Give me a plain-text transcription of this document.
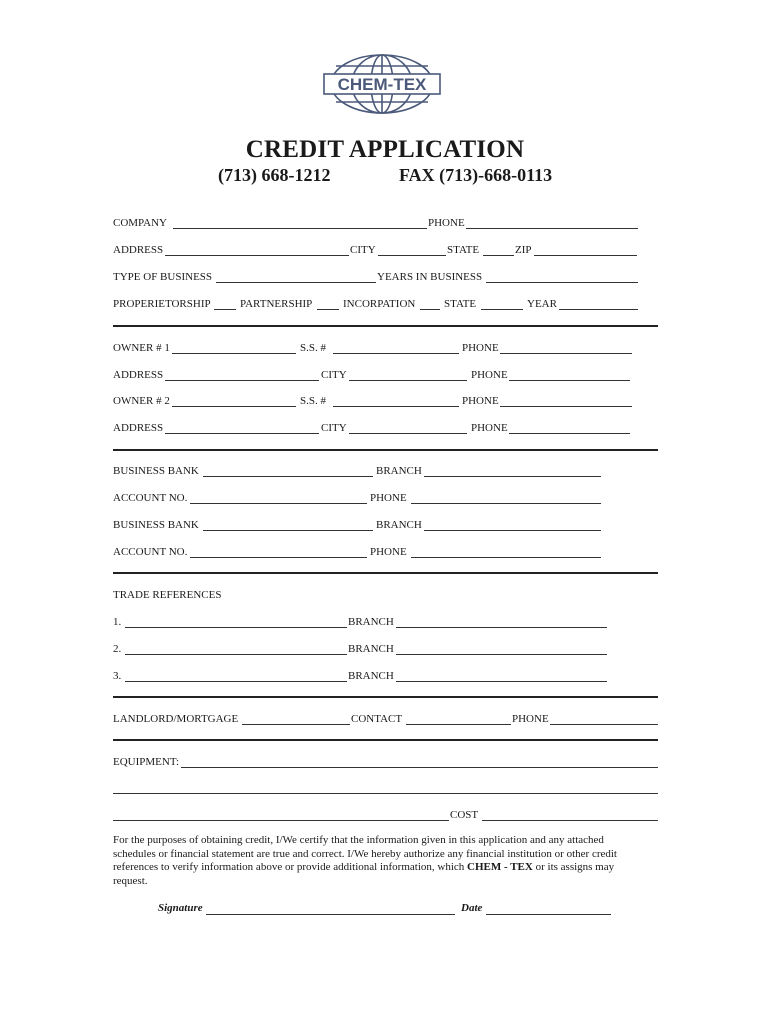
CHEM-TEX
CREDIT APPLICATION
(713) 668-1212	FAX (713)-668-0113
COMPANY	PHONE
ADDRESS	CITY	STATE	ZIP
TYPE OF BUSINESS	YEARS IN BUSINESS
PROPERIETORSHIP	PARTNERSHIP	INCORPATION	STATE	YEAR
OWNER # 1	S.S. #	PHONE
ADDRESS	CITY	PHONE
OWNER # 2	S.S. #	PHONE
ADDRESS	CITY	PHONE
BUSINESS BANK	BRANCH
ACCOUNT NO.	PHONE
BUSINESS BANK	BRANCH
ACCOUNT NO.	PHONE
TRADE REFERENCES
1.	BRANCH
2.	BRANCH
3.	BRANCH
LANDLORD/MORTGAGE	CONTACT	PHONE
EQUIPMENT:
COST

For the purposes of obtaining credit, I/We certify that the information given in this application and any attached schedules or financial statement are true and correct. I/We hereby authorize any financial institution or other credit references to verify information above or provide additional information, which CHEM - TEX or its assigns may request.

Signature	Date
